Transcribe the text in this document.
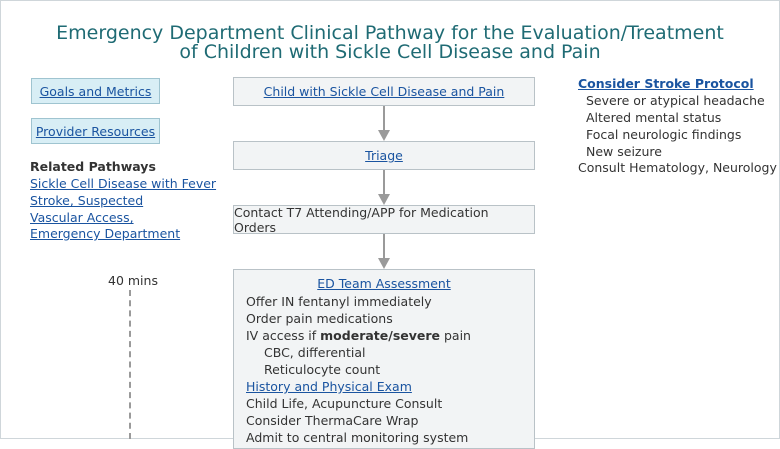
Emergency Department Clinical Pathway for the Evaluation/Treatment
of Children with Sickle Cell Disease and Pain
Goals and Metrics
Provider Resources
Related Pathways
Sickle Cell Disease with Fever
Stroke, Suspected
Vascular Access, Emergency Department
Child with Sickle Cell Disease and Pain
Triage
Contact T7 Attending/APP for Medication Orders
ED Team Assessment
Offer IN fentanyl immediately
Order pain medications
IV access if moderate/severe pain
CBC, differential
Reticulocyte count
History and Physical Exam
Child Life, Acupuncture Consult
Consider ThermaCare Wrap
Admit to central monitoring system
40 mins
Consider Stroke Protocol
Severe or atypical headache
Altered mental status
Focal neurologic findings
New seizure
Consult Hematology, Neurology
